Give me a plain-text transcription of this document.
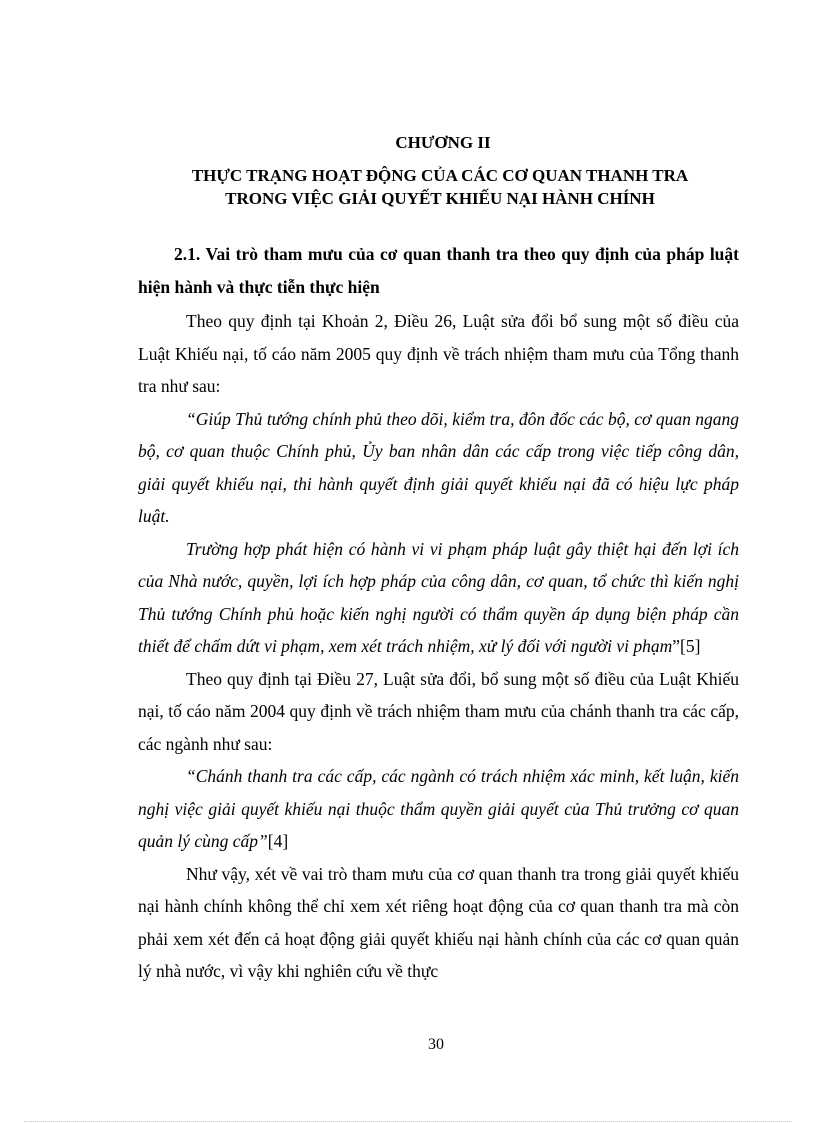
CHƯƠNG II
THỰC TRẠNG HOẠT ĐỘNG CỦA CÁC CƠ QUAN THANH TRA
TRONG VIỆC GIẢI QUYẾT KHIẾU NẠI HÀNH CHÍNH

2.1. Vai trò tham mưu của cơ quan thanh tra theo quy định của pháp luật hiện hành và thực tiễn thực hiện

Theo quy định tại Khoản 2, Điều 26, Luật sửa đổi bổ sung một số điều của Luật Khiếu nại, tố cáo năm 2005 quy định về trách nhiệm tham mưu của Tổng thanh tra như sau:

“Giúp Thủ tướng chính phủ theo dõi, kiểm tra, đôn đốc các bộ, cơ quan ngang bộ, cơ quan thuộc Chính phủ, Ủy ban nhân dân các cấp trong việc tiếp công dân, giải quyết khiếu nại, thi hành quyết định giải quyết khiếu nại đã có hiệu lực pháp luật.

Trường hợp phát hiện có hành vi vi phạm pháp luật gây thiệt hại đến lợi ích của Nhà nước, quyền, lợi ích hợp pháp của công dân, cơ quan, tổ chức thì kiến nghị Thủ tướng Chính phủ hoặc kiến nghị người có thẩm quyền áp dụng biện pháp cần thiết để chấm dứt vi phạm, xem xét trách nhiệm, xử lý đối với người vi phạm”[5]

Theo quy định tại Điều 27, Luật sửa đổi, bổ sung một số điều của Luật Khiếu nại, tố cáo năm 2004 quy định về trách nhiệm tham mưu của chánh thanh tra các cấp, các ngành như sau:

“Chánh thanh tra các cấp, các ngành có trách nhiệm xác minh, kết luận, kiến nghị việc giải quyết khiếu nại thuộc thẩm quyền giải quyết của Thủ trưởng cơ quan quản lý cùng cấp”[4]

Như vậy, xét về vai trò tham mưu của cơ quan thanh tra trong giải quyết khiếu nại hành chính không thể chỉ xem xét riêng hoạt động của cơ quan thanh tra mà còn phải xem xét đến cả hoạt động giải quyết khiếu nại hành chính của các cơ quan quản lý nhà nước, vì vậy khi nghiên cứu về thực

30
